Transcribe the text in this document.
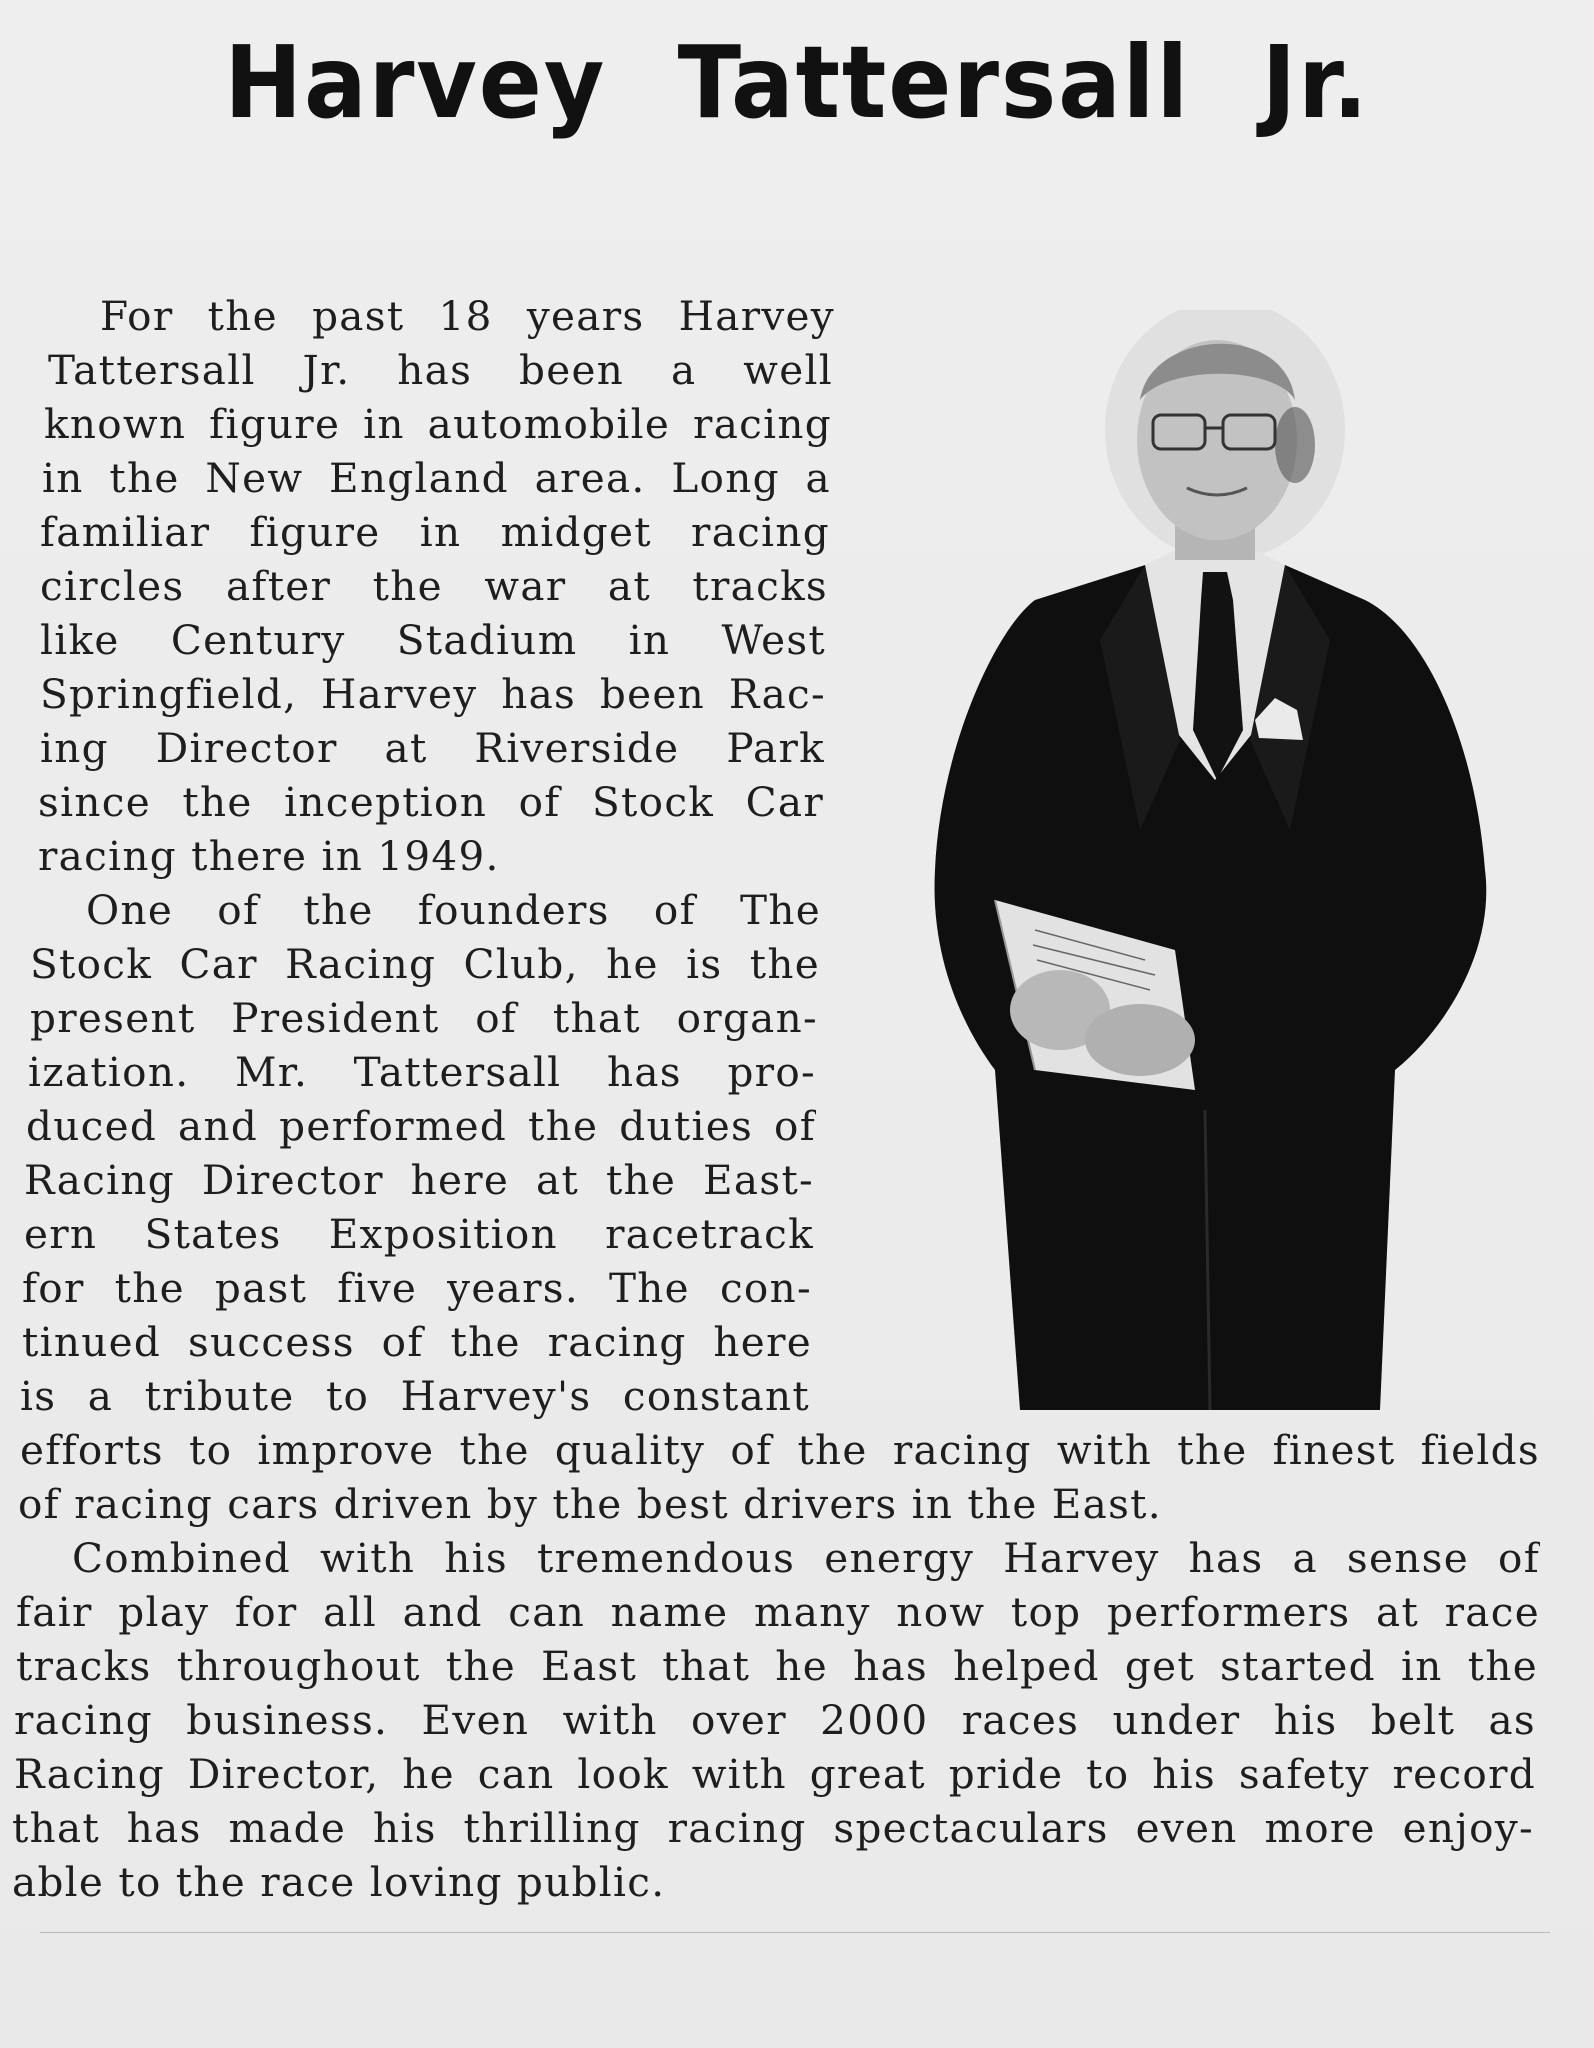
Harvey Tattersall Jr.
For the past 18 years Harvey
Tattersall Jr. has been a well
known figure in automobile racing
in the New England area. Long a
familiar figure in midget racing
circles after the war at tracks
like Century Stadium in West
Springfield, Harvey has been Rac-
ing Director at Riverside Park
since the inception of Stock Car
racing there in 1949.
One of the founders of The
Stock Car Racing Club, he is the
present President of that organ-
ization. Mr. Tattersall has pro-
duced and performed the duties of
Racing Director here at the East-
ern States Exposition racetrack
for the past five years. The con-
tinued success of the racing here
is a tribute to Harvey's constant
efforts to improve the quality of the racing with the finest fields
of racing cars driven by the best drivers in the East.
Combined with his tremendous energy Harvey has a sense of
fair play for all and can name many now top performers at race
tracks throughout the East that he has helped get started in the
racing business. Even with over 2000 races under his belt as
Racing Director, he can look with great pride to his safety record
that has made his thrilling racing spectaculars even more enjoy-
able to the race loving public.
